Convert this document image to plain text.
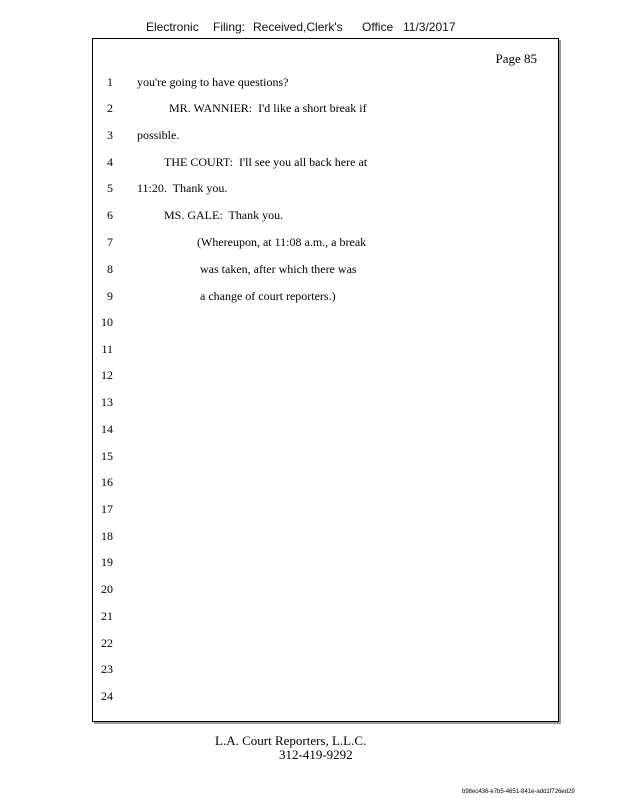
Electronic Filing: Received,Clerk's Office 11/3/2017
Page 85
1 you're going to have questions?
2	MR. WANNIER:  I'd like a short break if
3 possible.
4	THE COURT:  I'll see you all back here at
5 11:20.  Thank you.
6	MS. GALE:  Thank you.
7	(Whereupon, at 11:08 a.m., a break
8	was taken, after which there was
9	a change of court reporters.)
10
11
12
13
14
15
16
17
18
19
20
21
22
23
24
L.A. Court Reporters, L.L.C.
312-419-9292
b98ec436-e7b5-4651-841e-add1f726ed29
